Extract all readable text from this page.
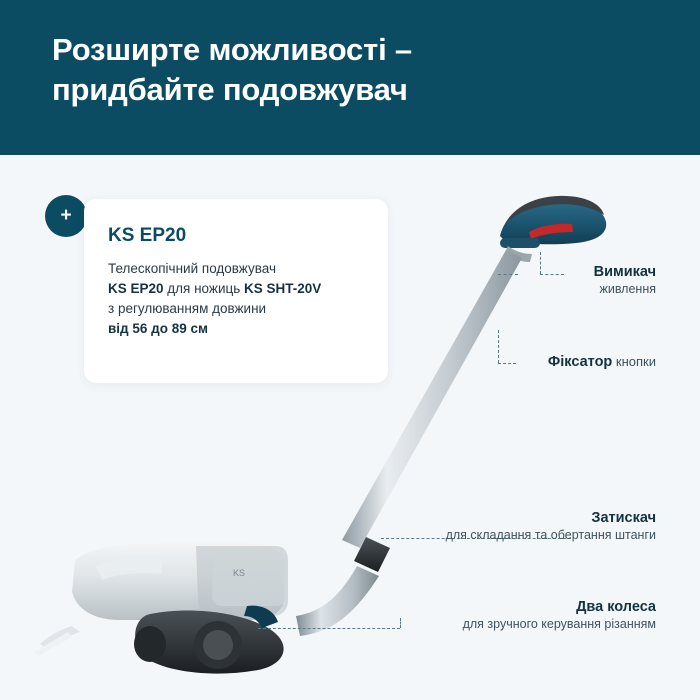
Розширте можливості –
придбайте подовжувач
KS
+
KS EP20
Телескопічний подовжувач
KS EP20 для ножиць KS SHT-20V
з регулюванням довжини
від 56 до 89 см
Вимикач
живлення
Фіксатор кнопки
Затискач
для складання та обертання штанги
Два колеса
для зручного керування різанням
